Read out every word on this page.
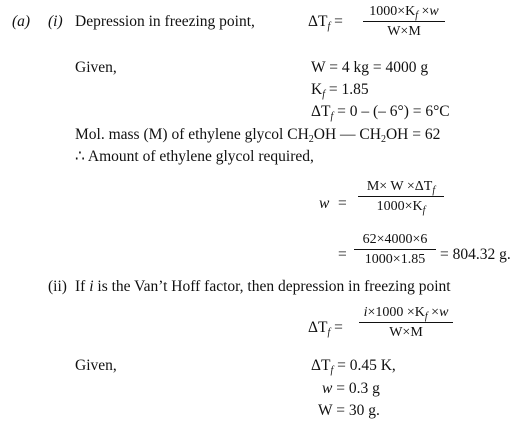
(a) (i) Depression in freezing point,	$\Delta T_f$ =
$1000\times K_f \times w$
W×M
Given,	W = 4 kg = 4000 g
$K_f = 1.85$
$\Delta T_f = 0$ – (– 6°) = 6°C
Mol. mass (M) of ethylene glycol $CH_2OH$ — $CH_2OH = 62$
∴ Amount of ethylene glycol required,
w =
$M\times W \times\Delta T_f$
$1000\times K_f$
=
62×4000×6
1000×1.85 = 804.32 g.
(ii) If i is the Van’t Hoff factor, then depression in freezing point
$\Delta T_f$ =
$i\times 1000 \times K_f \times w$
W×M
Given,	$\Delta T_f = 0.45$ K,
w = 0.3 g
W = 30 g.
